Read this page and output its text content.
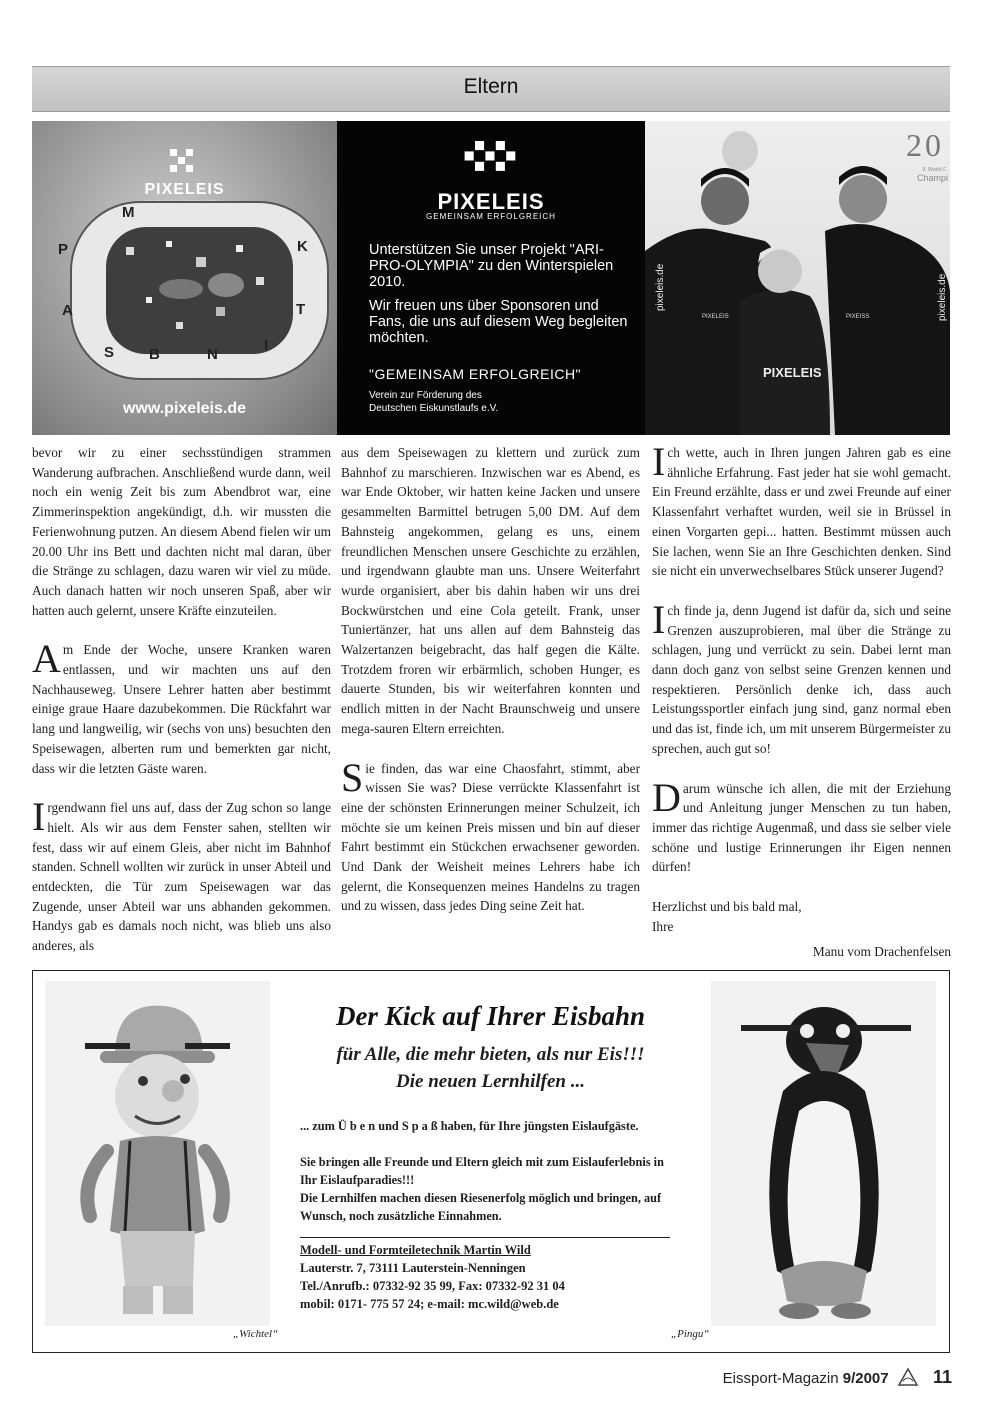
Eltern
PIXELEIS
M
P
A
S B	N
I
T
K
www.pixeleis.de
PIXELEIS
GEMEINSAM ERFOLGREICH
Unterstützen Sie unser Projekt "ARI-PRO-OLYMPIA" zu den Winterspielen 2010.
Wir freuen uns über Sponsoren und Fans, die uns auf diesem Weg begleiten möchten.
"GEMEINSAM ERFOLGREICH"
Verein zur Förderung des
Deutschen Eiskunstlaufs e.V.
20
9. World C
Champi
pixeleis.de
PIXELEIS
pixeleis.de
PIXELEIS	PIXEISS

bevor wir zu einer sechsstündigen strammen Wanderung aufbrachen. Anschließend wurde dann, weil noch ein wenig Zeit bis zum Abendbrot war, eine Zimmerinspektion angekündigt, d.h. wir mussten die Ferienwohnung putzen. An diesem Abend fielen wir um 20.00 Uhr ins Bett und dachten nicht mal daran, über die Stränge zu schlagen, dazu waren wir viel zu müde. Auch danach hatten wir noch unseren Spaß, aber wir hatten auch gelernt, unsere Kräfte einzuteilen.

Am Ende der Woche, unsere Kranken waren entlassen, und wir machten uns auf den Nachhauseweg. Unsere Lehrer hatten aber bestimmt einige graue Haare dazubekommen. Die Rückfahrt war lang und langweilig, wir (sechs von uns) besuchten den Speisewagen, alberten rum und bemerkten gar nicht, dass wir die letzten Gäste waren.

Irgendwann fiel uns auf, dass der Zug schon so lange hielt. Als wir aus dem Fenster sahen, stellten wir fest, dass wir auf einem Gleis, aber nicht im Bahnhof standen. Schnell wollten wir zurück in unser Abteil und entdeckten, die Tür zum Speisewagen war das Zugende, unser Abteil war uns abhanden gekommen. Handys gab es damals noch nicht, was blieb uns also anderes, als

aus dem Speisewagen zu klettern und zurück zum Bahnhof zu marschieren. Inzwischen war es Abend, es war Ende Oktober, wir hatten keine Jacken und unsere gesammelten Barmittel betrugen 5,00 DM. Auf dem Bahnsteig angekommen, gelang es uns, einem freundlichen Menschen unsere Geschichte zu erzählen, und irgendwann glaubte man uns. Unsere Weiterfahrt wurde organisiert, aber bis dahin haben wir uns drei Bockwürstchen und eine Cola geteilt. Frank, unser Tuniertänzer, hat uns allen auf dem Bahnsteig das Walzertanzen beigebracht, das half gegen die Kälte. Trotzdem froren wir erbärmlich, schoben Hunger, es dauerte Stunden, bis wir weiterfahren konnten und endlich mitten in der Nacht Braunschweig und unsere mega-sauren Eltern erreichten.

Sie finden, das war eine Chaosfahrt, stimmt, aber wissen Sie was? Diese verrückte Klassenfahrt ist eine der schönsten Erinnerungen meiner Schulzeit, ich möchte sie um keinen Preis missen und bin auf dieser Fahrt bestimmt ein Stückchen erwachsener geworden. Und Dank der Weisheit meines Lehrers habe ich gelernt, die Konsequenzen meines Handelns zu tragen und zu wissen, dass jedes Ding seine Zeit hat.

Ich wette, auch in Ihren jungen Jahren gab es eine ähnliche Erfahrung. Fast jeder hat sie wohl gemacht. Ein Freund erzählte, dass er und zwei Freunde auf einer Klassenfahrt verhaftet wurden, weil sie in Brüssel in einen Vorgarten gepi... hatten. Bestimmt müssen auch Sie lachen, wenn Sie an Ihre Geschichten denken. Sind sie nicht ein unverwechselbares Stück unserer Jugend?

Ich finde ja, denn Jugend ist dafür da, sich und seine Grenzen auszuprobieren, mal über die Stränge zu schlagen, jung und verrückt zu sein. Dabei lernt man dann doch ganz von selbst seine Grenzen kennen und respektieren. Persönlich denke ich, dass auch Leistungssportler einfach jung sind, ganz normal eben und das ist, finde ich, um mit unserem Bürgermeister zu sprechen, auch gut so!

Darum wünsche ich allen, die mit der Erziehung und Anleitung junger Menschen zu tun haben, immer das richtige Augenmaß, und dass sie selber viele schöne und lustige Erinnerungen ihr Eigen nennen dürfen!

Herzlichst und bis bald mal,
Ihre
Manu vom Drachenfelsen
Der Kick auf Ihrer Eisbahn
für Alle, die mehr bieten, als nur Eis!!!
Die neuen Lernhilfen ...
... zum Ü b e n und S p a ß haben, für Ihre jüngsten Eislaufgäste.
Sie bringen alle Freunde und Eltern gleich mit zum Eislauferlebnis in Ihr Eislaufparadies!!!
Die Lernhilfen machen diesen Riesenerfolg möglich und bringen, auf Wunsch, noch zusätzliche Einnahmen.
Modell- und Formteiletechnik Martin Wild
Lauterstr. 7, 73111 Lauterstein-Nenningen
Tel./Anrufb.: 07332-92 35 99, Fax: 07332-92 31 04
mobil: 0171- 775 57 24; e-mail: mc.wild@web.de
„Wichtel“	„Pingu“
Eissport-Magazin 9/2007 11
